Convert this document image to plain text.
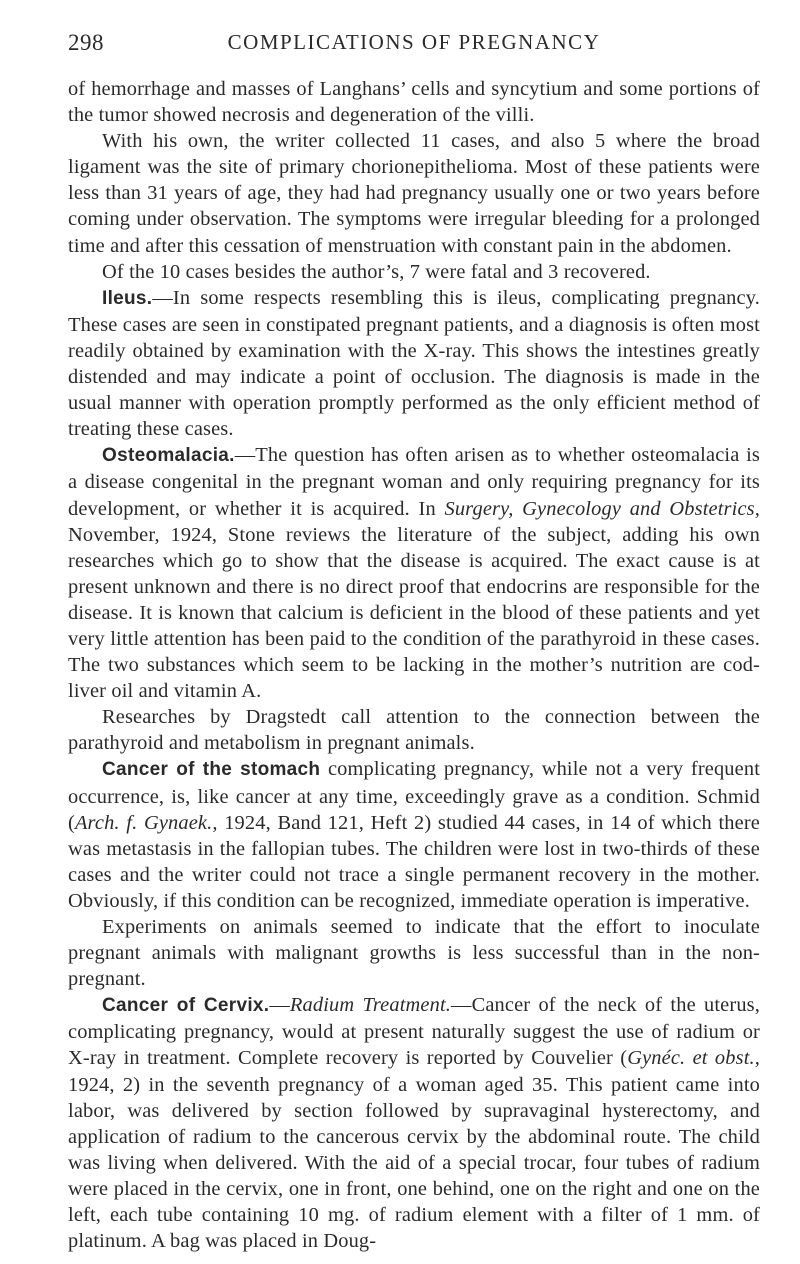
298	COMPLICATIONS OF PREGNANCY

of hemorrhage and masses of Langhans’ cells and syncytium and some portions of the tumor showed necrosis and degeneration of the villi.

With his own, the writer collected 11 cases, and also 5 where the broad ligament was the site of primary chorionepithelioma. Most of these patients were less than 31 years of age, they had had pregnancy usually one or two years before coming under observation. The symptoms were irregular bleeding for a prolonged time and after this cessation of menstruation with constant pain in the abdomen.

Of the 10 cases besides the author’s, 7 were fatal and 3 recovered.

Ileus.—In some respects resembling this is ileus, complicating pregnancy. These cases are seen in constipated pregnant patients, and a diagnosis is often most readily obtained by examination with the X-ray. This shows the intestines greatly distended and may indicate a point of occlusion. The diagnosis is made in the usual manner with operation promptly performed as the only efficient method of treating these cases.

Osteomalacia.—The question has often arisen as to whether osteomalacia is a disease congenital in the pregnant woman and only requiring pregnancy for its development, or whether it is acquired. In Surgery, Gynecology and Obstetrics, November, 1924, Stone reviews the literature of the subject, adding his own researches which go to show that the disease is acquired. The exact cause is at present unknown and there is no direct proof that endocrins are responsible for the disease. It is known that calcium is deficient in the blood of these patients and yet very little attention has been paid to the condition of the parathyroid in these cases. The two substances which seem to be lacking in the mother’s nutrition are cod-liver oil and vitamin A.

Researches by Dragstedt call attention to the connection between the parathyroid and metabolism in pregnant animals.

Cancer of the stomach complicating pregnancy, while not a very frequent occurrence, is, like cancer at any time, exceedingly grave as a condition. Schmid (Arch. f. Gynaek., 1924, Band 121, Heft 2) studied 44 cases, in 14 of which there was metastasis in the fallopian tubes. The children were lost in two-thirds of these cases and the writer could not trace a single permanent recovery in the mother. Obviously, if this condition can be recognized, immediate operation is imperative.

Experiments on animals seemed to indicate that the effort to inoculate pregnant animals with malignant growths is less successful than in the non-pregnant.

Cancer of Cervix.—Radium Treatment.—Cancer of the neck of the uterus, complicating pregnancy, would at present naturally suggest the use of radium or X-ray in treatment. Complete recovery is reported by Couvelier (Gynéc. et obst., 1924, 2) in the seventh pregnancy of a woman aged 35. This patient came into labor, was delivered by section followed by supravaginal hysterectomy, and application of radium to the cancerous cervix by the abdominal route. The child was living when delivered. With the aid of a special trocar, four tubes of radium were placed in the cervix, one in front, one behind, one on the right and one on the left, each tube containing 10 mg. of radium element with a filter of 1 mm. of platinum. A bag was placed in Doug-
